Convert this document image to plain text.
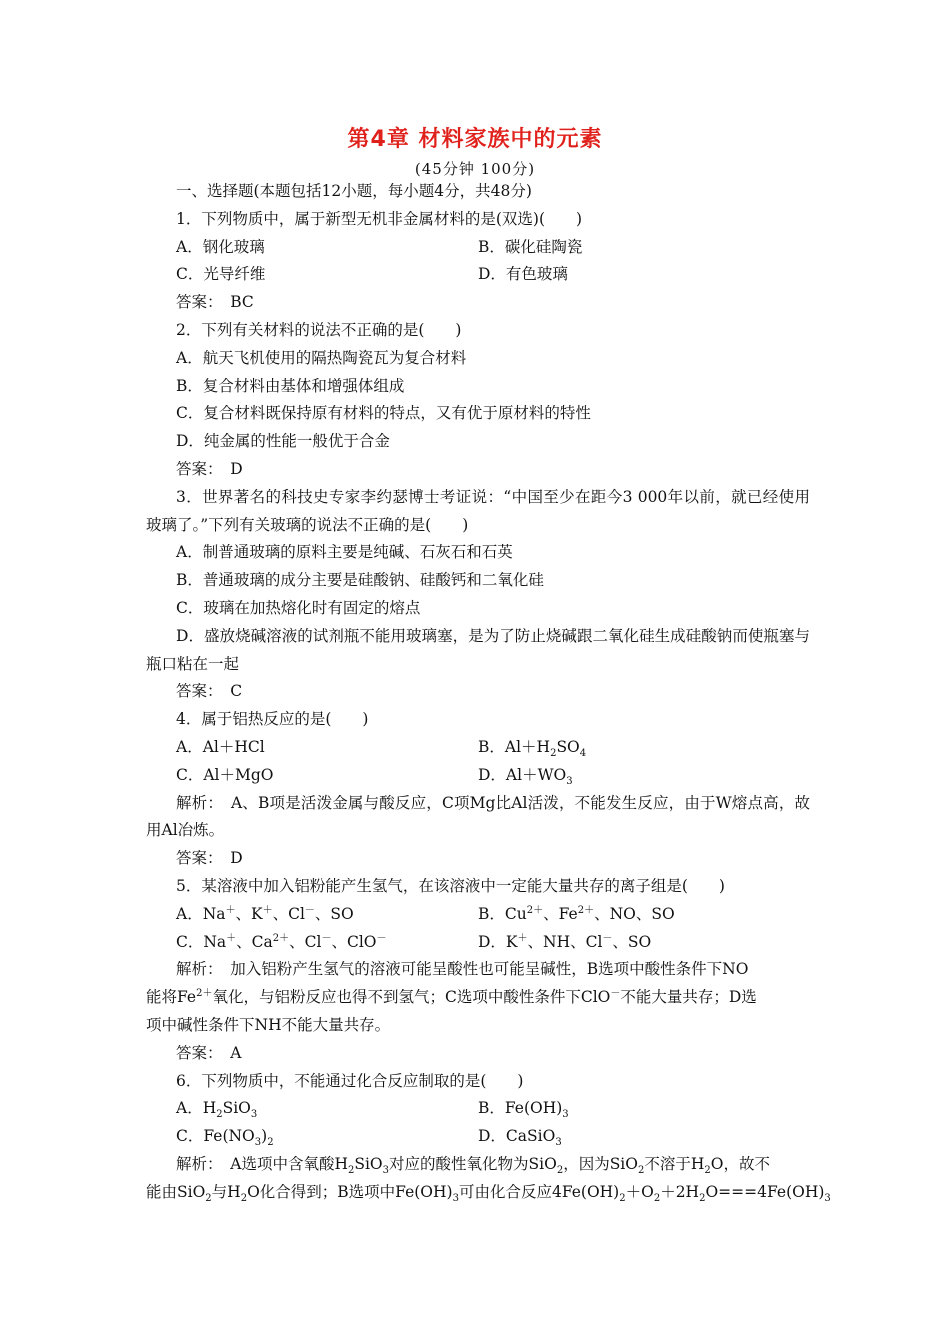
第4章 材料家族中的元素
(45分钟 100分)
一、选择题(本题包括12小题，每小题4分，共48分)
1．下列物质中，属于新型无机非金属材料的是(双选)(　　)
A．钢化玻璃	B．碳化硅陶瓷
C．光导纤维	D．有色玻璃
答案：　BC
2．下列有关材料的说法不正确的是(　　)
A．航天飞机使用的隔热陶瓷瓦为复合材料
B．复合材料由基体和增强体组成
C．复合材料既保持原有材料的特点，又有优于原材料的特性
D．纯金属的性能一般优于合金
答案：　D
3．世界著名的科技史专家李约瑟博士考证说：“中国至少在距今3 000年以前，就已经使用玻璃了。”下列有关玻璃的说法不正确的是(　　)
A．制普通玻璃的原料主要是纯碱、石灰石和石英
B．普通玻璃的成分主要是硅酸钠、硅酸钙和二氧化硅
C．玻璃在加热熔化时有固定的熔点
D．盛放烧碱溶液的试剂瓶不能用玻璃塞，是为了防止烧碱跟二氧化硅生成硅酸钠而使瓶塞与瓶口粘在一起
答案：　C
4．属于铝热反应的是(　　)
A．Al＋HCl	B．$Al+H_2SO_4$
C．Al＋MgO	D．$Al+WO_3$
解析：　A、B项是活泼金属与酸反应，C项Mg比Al活泼，不能发生反应，由于W熔点高，故用Al冶炼。
答案：　D
5．某溶液中加入铝粉能产生氢气，在该溶液中一定能大量共存的离子组是(　　)
A．Na＋、K＋、Cl－、SO	B．$Cu^{2+}$、$Fe^{2+}$、NO、SO
C．Na＋、$Ca^{2+}$、Cl－、ClO－	D．K＋、NH、Cl－、SO
解析：　加入铝粉产生氢气的溶液可能呈酸性也可能呈碱性，B选项中酸性条件下NO
能将$Fe^{2+}$氧化，与铝粉反应也得不到氢气；C选项中酸性条件下ClO－不能大量共存；D选
项中碱性条件下NH不能大量共存。
答案：　A
6．下列物质中，不能通过化合反应制取的是(　　)
A．$H_2SiO_3$	B．$Fe(OH)_3$
C．$Fe(NO_3)_2$	D．CaSiO$_3$
解析：　A选项中含氧酸$H_2SiO_3$对应的酸性氧化物为SiO$_2$，因为SiO$_2$不溶于$H_2O$，故不
能由SiO$_2$与$H_2O$化合得到；B选项中$Fe(OH)_3$可由化合反应$4Fe(OH)_2+O_2+2H_2O===4Fe(OH)_3$
